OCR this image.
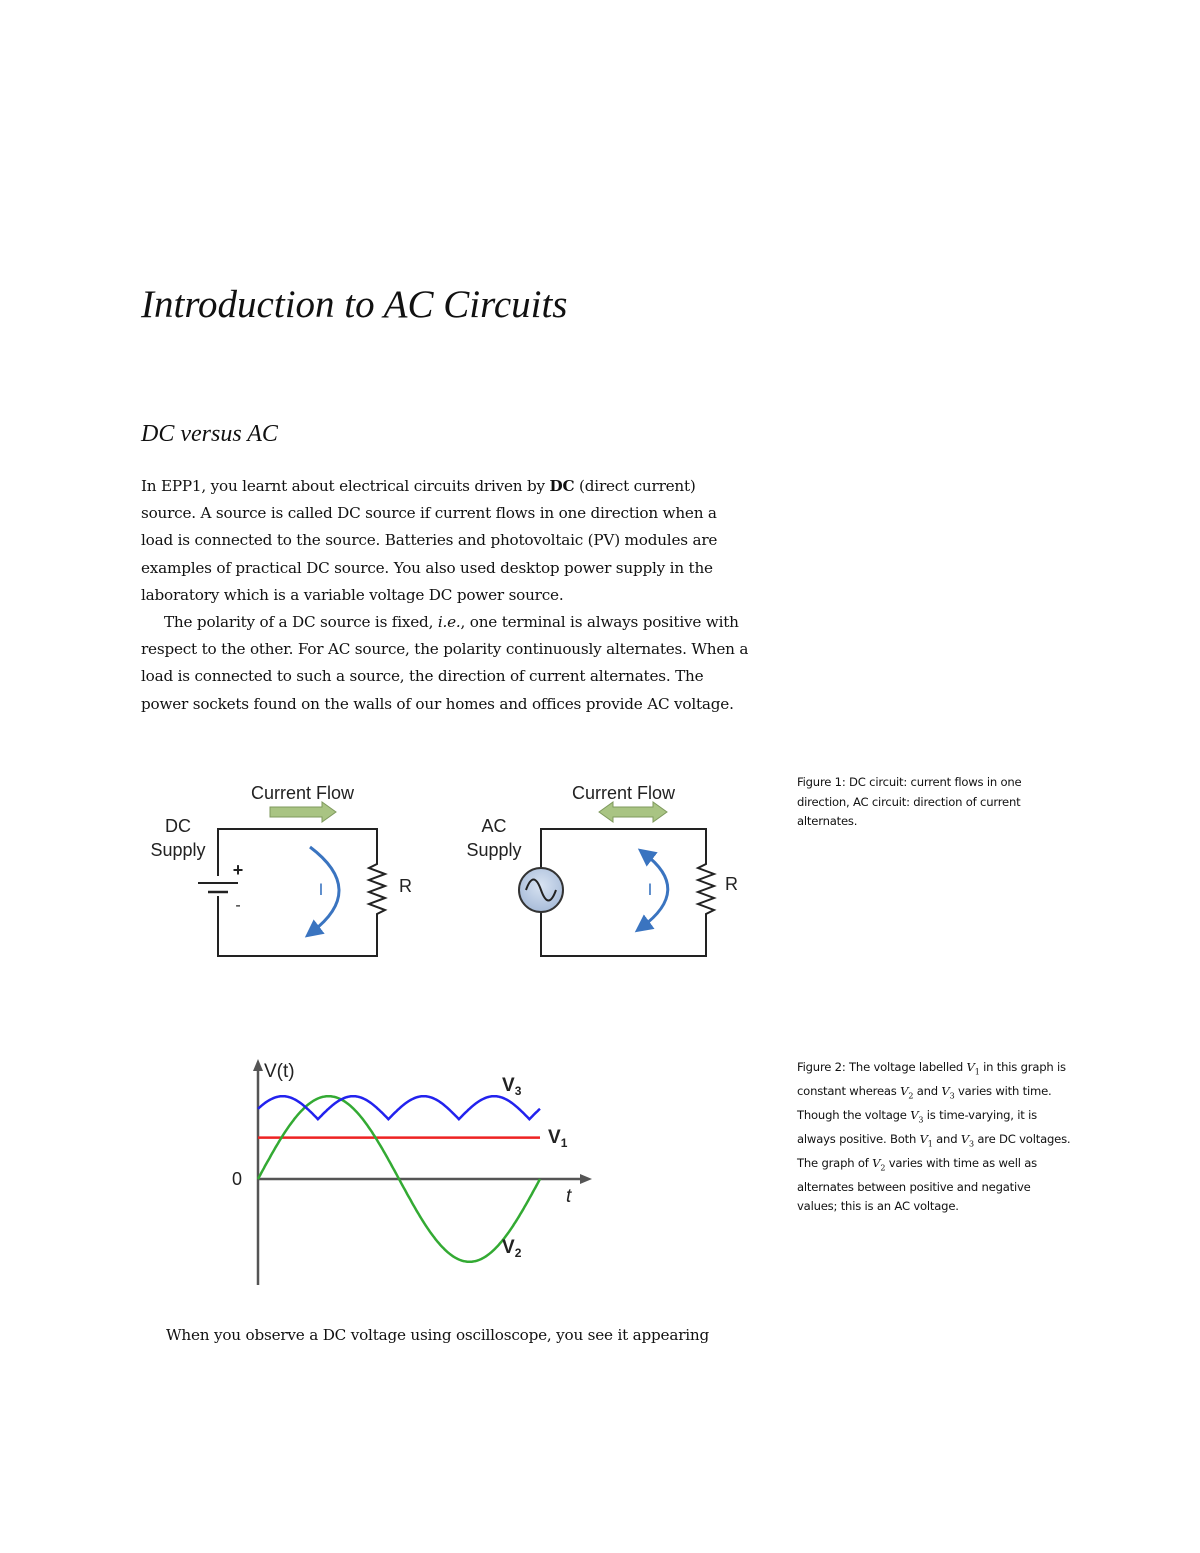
Introduction to AC Circuits
DC versus AC

In EPP1, you learnt about electrical circuits driven by DC (direct current) source. A source is called DC source if current flows in one direction when a load is connected to the source. Batteries and photovoltaic (PV) modules are examples of practical DC source. You also used desktop power supply in the laboratory which is a variable voltage DC power source.

The polarity of a DC source is fixed, i.e., one terminal is always positive with respect to the other. For AC source, the polarity continuously alternates. When a load is connected to such a source, the direction of current alternates. The power sockets found on the walls of our homes and offices provide AC voltage.

Current Flow
DC
Supply
+
-
I	R
Current Flow
AC
Supply
I	R
Figure 1: DC circuit: current flows in one direction, AC circuit: direction of current alternates.
V(t)
t
0
$V_1$
$V_2$
$V_3$
Figure 2: The voltage labelled $V_1$ in this graph is constant whereas $V_2$ and $V_3$ varies with time. Though the voltage $V_3$ is time-varying, it is always positive. Both $V_1$ and $V_3$ are DC voltages. The graph of $V_2$ varies with time as well as alternates between positive and negative values; this is an AC voltage.

When you observe a DC voltage using oscilloscope, you see it appearing
